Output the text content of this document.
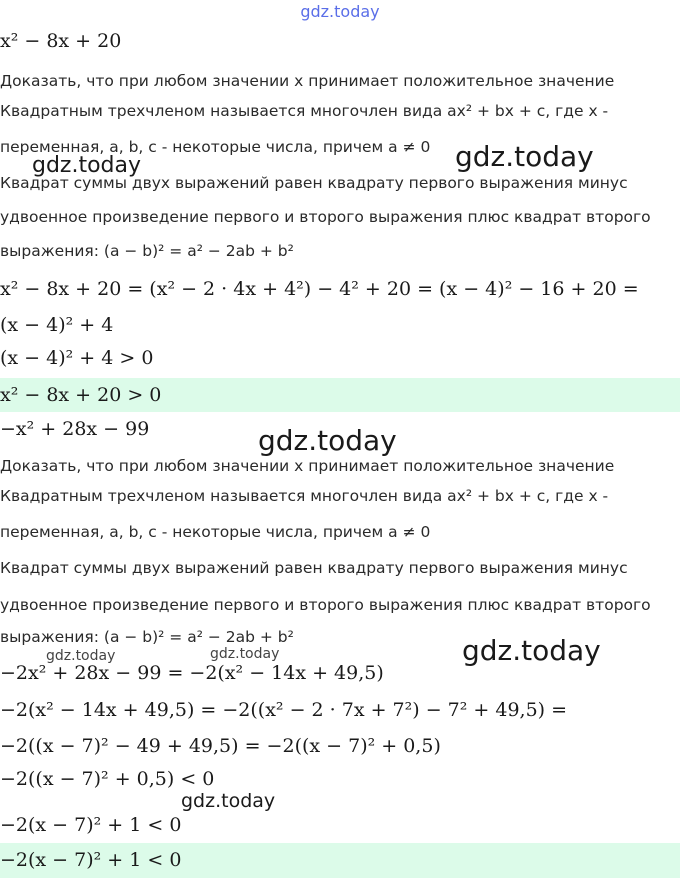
gdz.today
x² − 8x + 20
Доказать, что при любом значении x принимает положительное значение
Квадратным трехчленом называется многочлен вида ax² + bx + c, где x -
переменная, a, b, c - некоторые числа, причем a ≠ 0
gdz.today	gdz.today
Квадрат суммы двух выражений равен квадрату первого выражения минус
удвоенное произведение первого и второго выражения плюс квадрат второго
выражения: (a − b)² = a² − 2ab + b²
x² − 8x + 20 = (x² − 2 · 4x + 4²) − 4² + 20 = (x − 4)² − 16 + 20 =
(x − 4)² + 4
(x − 4)² + 4 > 0
x² − 8x + 20 > 0
−x² + 28x − 99	gdz.today
Доказать, что при любом значении x принимает положительное значение
Квадратным трехчленом называется многочлен вида ax² + bx + c, где x -
переменная, a, b, c - некоторые числа, причем a ≠ 0
Квадрат суммы двух выражений равен квадрату первого выражения минус
удвоенное произведение первого и второго выражения плюс квадрат второго
выражения: (a − b)² = a² − 2ab + b²	gdz.today
gdz.today	gdz.today
−2x² + 28x − 99 = −2(x² − 14x + 49,5)
−2(x² − 14x + 49,5) = −2((x² − 2 · 7x + 7²) − 7² + 49,5) =
−2((x − 7)² − 49 + 49,5) = −2((x − 7)² + 0,5)
−2((x − 7)² + 0,5) < 0
gdz.today
−2(x − 7)² + 1 < 0
−2(x − 7)² + 1 < 0
